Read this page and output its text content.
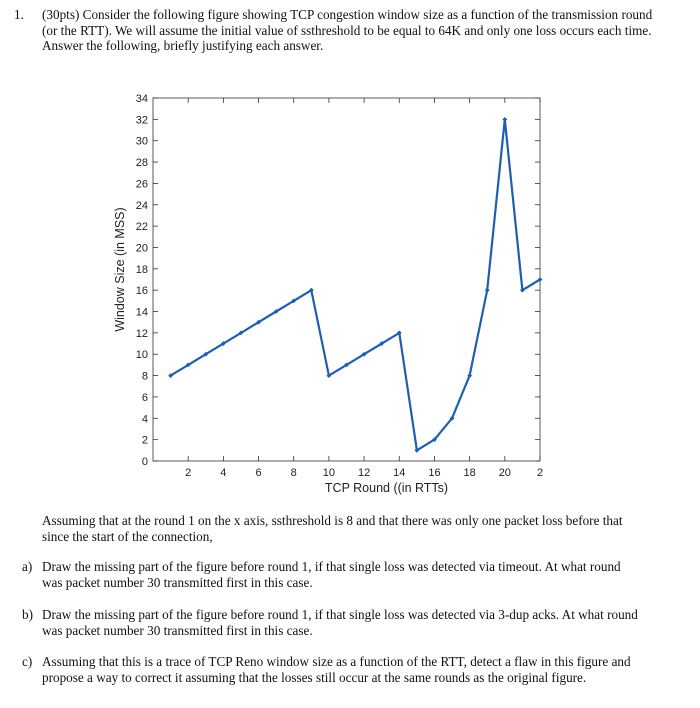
1. (30pts) Consider the following figure showing TCP congestion window size as a function of the transmission round (or the RTT). We will assume the initial value of ssthreshold to be equal to 64K and only one loss occurs each time. Answer the following, briefly justifying each answer.
0
2
4
6
8
10
12
14
16
18
20
22
24
26
28
30
32
34
2	4	6	8 10 12 14 16 18 20 2
TCP Round ((in RTTs)
Window Size (in MSS)
Assuming that at the round 1 on the x axis, ssthreshold is 8 and that there was only one packet loss before that since the start of the connection,
a) Draw the missing part of the figure before round 1, if that single loss was detected via timeout. At what round was packet number 30 transmitted first in this case.
b) Draw the missing part of the figure before round 1, if that single loss was detected via 3-dup acks. At what round was packet number 30 transmitted first in this case.
c) Assuming that this is a trace of TCP Reno window size as a function of the RTT, detect a flaw in this figure and propose a way to correct it assuming that the losses still occur at the same rounds as the original figure.
